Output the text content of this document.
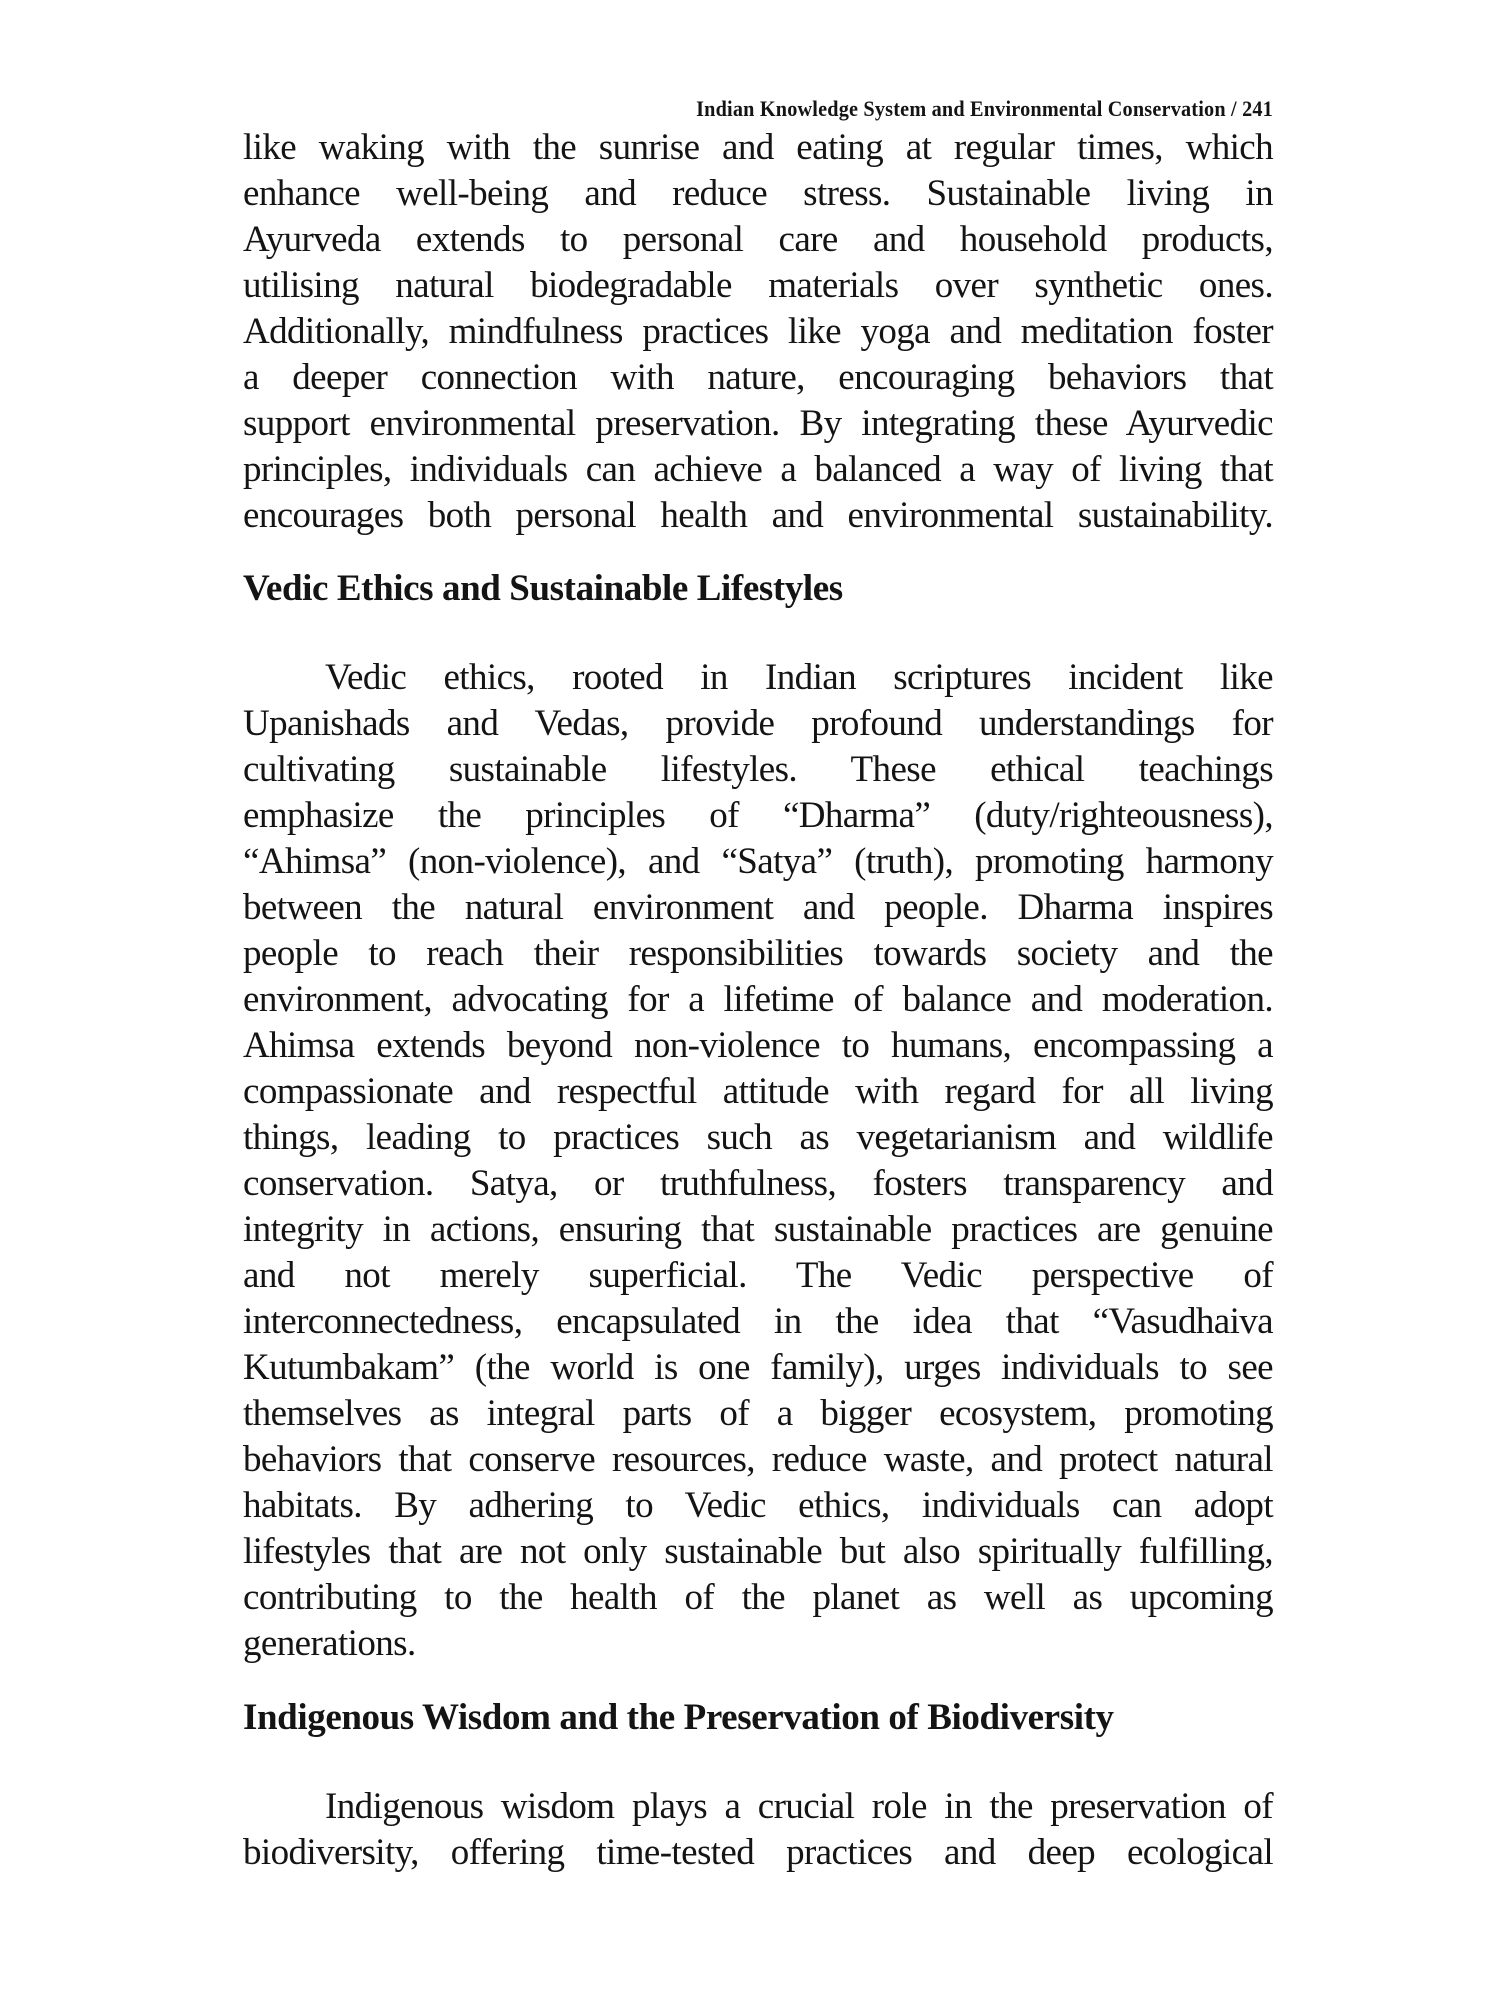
Indian Knowledge System and Environmental Conservation / 241
like waking with the sunrise and eating at regular times, which
enhance well-being and reduce stress. Sustainable living in
Ayurveda extends to personal care and household products,
utilising natural biodegradable materials over synthetic ones.
Additionally, mindfulness practices like yoga and meditation foster
a deeper connection with nature, encouraging behaviors that
support environmental preservation. By integrating these Ayurvedic
principles, individuals can achieve a balanced a way of living that
encourages both personal health and environmental sustainability.
Vedic Ethics and Sustainable Lifestyles
Vedic ethics, rooted in Indian scriptures incident like
Upanishads and Vedas, provide profound understandings for
cultivating sustainable lifestyles. These ethical teachings
emphasize the principles of “Dharma” (duty/righteousness),
“Ahimsa” (non-violence), and “Satya” (truth), promoting harmony
between the natural environment and people. Dharma inspires
people to reach their responsibilities towards society and the
environment, advocating for a lifetime of balance and moderation.
Ahimsa extends beyond non-violence to humans, encompassing a
compassionate and respectful attitude with regard for all living
things, leading to practices such as vegetarianism and wildlife
conservation. Satya, or truthfulness, fosters transparency and
integrity in actions, ensuring that sustainable practices are genuine
and not merely superficial. The Vedic perspective of
interconnectedness, encapsulated in the idea that “Vasudhaiva
Kutumbakam” (the world is one family), urges individuals to see
themselves as integral parts of a bigger ecosystem, promoting
behaviors that conserve resources, reduce waste, and protect natural
habitats. By adhering to Vedic ethics, individuals can adopt
lifestyles that are not only sustainable but also spiritually fulfilling,
contributing to the health of the planet as well as upcoming
generations.
Indigenous Wisdom and the Preservation of Biodiversity
Indigenous wisdom plays a crucial role in the preservation of
biodiversity, offering time-tested practices and deep ecological
